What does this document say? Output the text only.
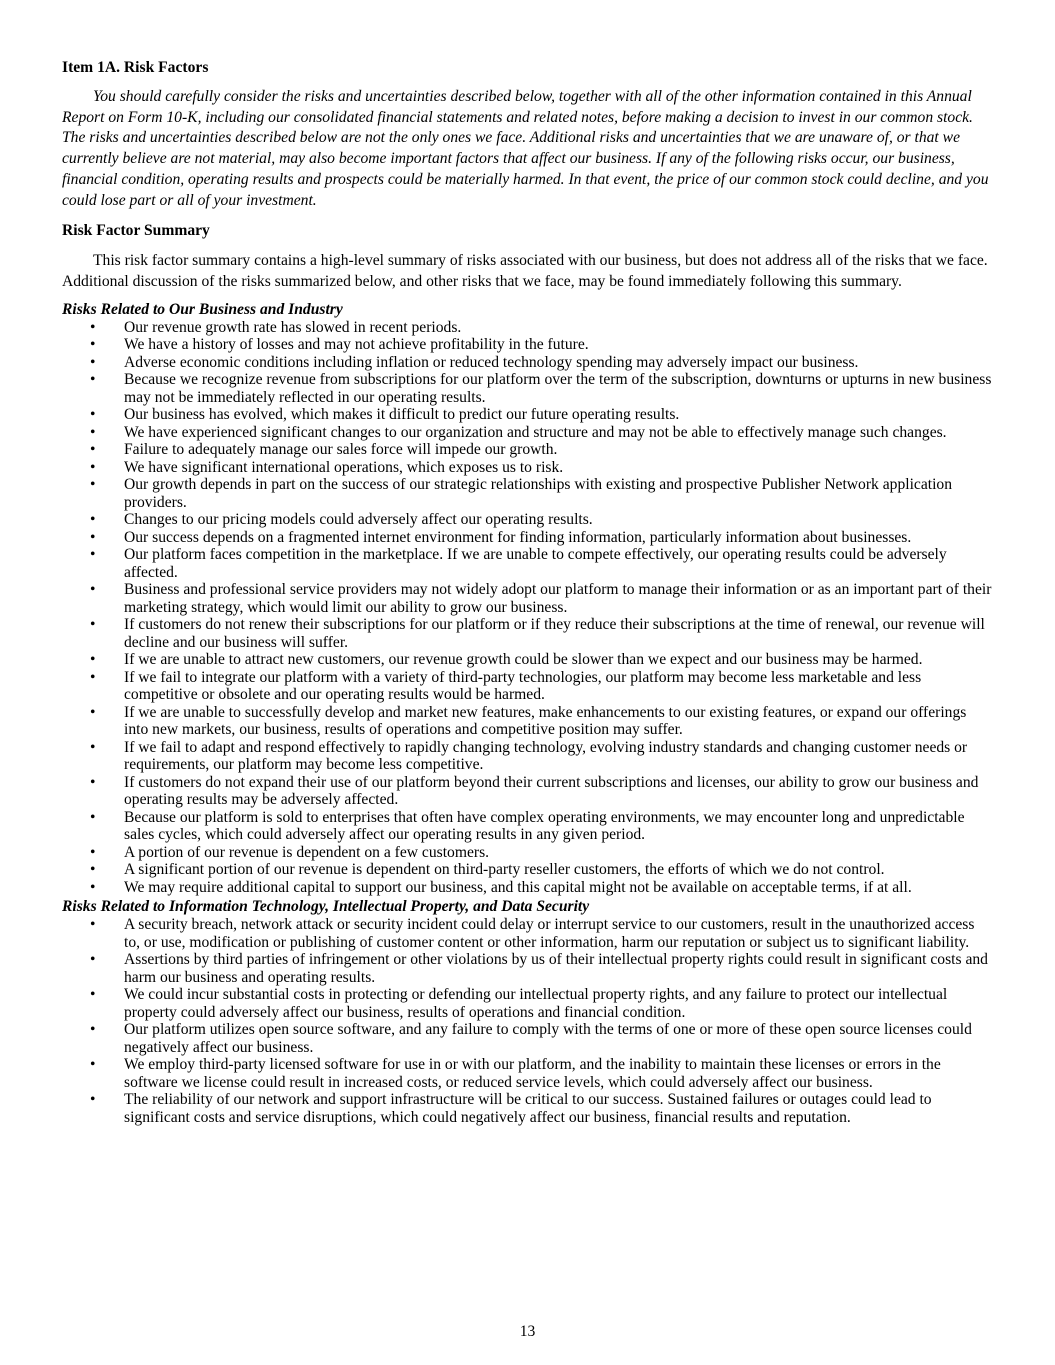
Item 1A. Risk Factors

You should carefully consider the risks and uncertainties described below, together with all of the other information contained in this Annual Report on Form 10-K, including our consolidated financial statements and related notes, before making a decision to invest in our common stock. The risks and uncertainties described below are not the only ones we face. Additional risks and uncertainties that we are unaware of, or that we currently believe are not material, may also become important factors that affect our business. If any of the following risks occur, our business, financial condition, operating results and prospects could be materially harmed. In that event, the price of our common stock could decline, and you could lose part or all of your investment.

Risk Factor Summary

This risk factor summary contains a high-level summary of risks associated with our business, but does not address all of the risks that we face. Additional discussion of the risks summarized below, and other risks that we face, may be found immediately following this summary.

Risks Related to Our Business and Industry

• Our revenue growth rate has slowed in recent periods.
• We have a history of losses and may not achieve profitability in the future.
• Adverse economic conditions including inflation or reduced technology spending may adversely impact our business.
• Because we recognize revenue from subscriptions for our platform over the term of the subscription, downturns or upturns in new business may not be immediately reflected in our operating results.
• Our business has evolved, which makes it difficult to predict our future operating results.
• We have experienced significant changes to our organization and structure and may not be able to effectively manage such changes.
• Failure to adequately manage our sales force will impede our growth.
• We have significant international operations, which exposes us to risk.
• Our growth depends in part on the success of our strategic relationships with existing and prospective Publisher Network application providers.
• Changes to our pricing models could adversely affect our operating results.
• Our success depends on a fragmented internet environment for finding information, particularly information about businesses.
• Our platform faces competition in the marketplace. If we are unable to compete effectively, our operating results could be adversely affected.
• Business and professional service providers may not widely adopt our platform to manage their information or as an important part of their marketing strategy, which would limit our ability to grow our business.
• If customers do not renew their subscriptions for our platform or if they reduce their subscriptions at the time of renewal, our revenue will decline and our business will suffer.
• If we are unable to attract new customers, our revenue growth could be slower than we expect and our business may be harmed.
• If we fail to integrate our platform with a variety of third-party technologies, our platform may become less marketable and less competitive or obsolete and our operating results would be harmed.
• If we are unable to successfully develop and market new features, make enhancements to our existing features, or expand our offerings into new markets, our business, results of operations and competitive position may suffer.
• If we fail to adapt and respond effectively to rapidly changing technology, evolving industry standards and changing customer needs or requirements, our platform may become less competitive.
• If customers do not expand their use of our platform beyond their current subscriptions and licenses, our ability to grow our business and operating results may be adversely affected.
• Because our platform is sold to enterprises that often have complex operating environments, we may encounter long and unpredictable sales cycles, which could adversely affect our operating results in any given period.
• A portion of our revenue is dependent on a few customers.
• A significant portion of our revenue is dependent on third-party reseller customers, the efforts of which we do not control.
• We may require additional capital to support our business, and this capital might not be available on acceptable terms, if at all.

Risks Related to Information Technology, Intellectual Property, and Data Security

• A security breach, network attack or security incident could delay or interrupt service to our customers, result in the unauthorized access to, or use, modification or publishing of customer content or other information, harm our reputation or subject us to significant liability.
• Assertions by third parties of infringement or other violations by us of their intellectual property rights could result in significant costs and harm our business and operating results.
• We could incur substantial costs in protecting or defending our intellectual property rights, and any failure to protect our intellectual property could adversely affect our business, results of operations and financial condition.
• Our platform utilizes open source software, and any failure to comply with the terms of one or more of these open source licenses could negatively affect our business.
• We employ third-party licensed software for use in or with our platform, and the inability to maintain these licenses or errors in the software we license could result in increased costs, or reduced service levels, which could adversely affect our business.
• The reliability of our network and support infrastructure will be critical to our success. Sustained failures or outages could lead to significant costs and service disruptions, which could negatively affect our business, financial results and reputation.
13
